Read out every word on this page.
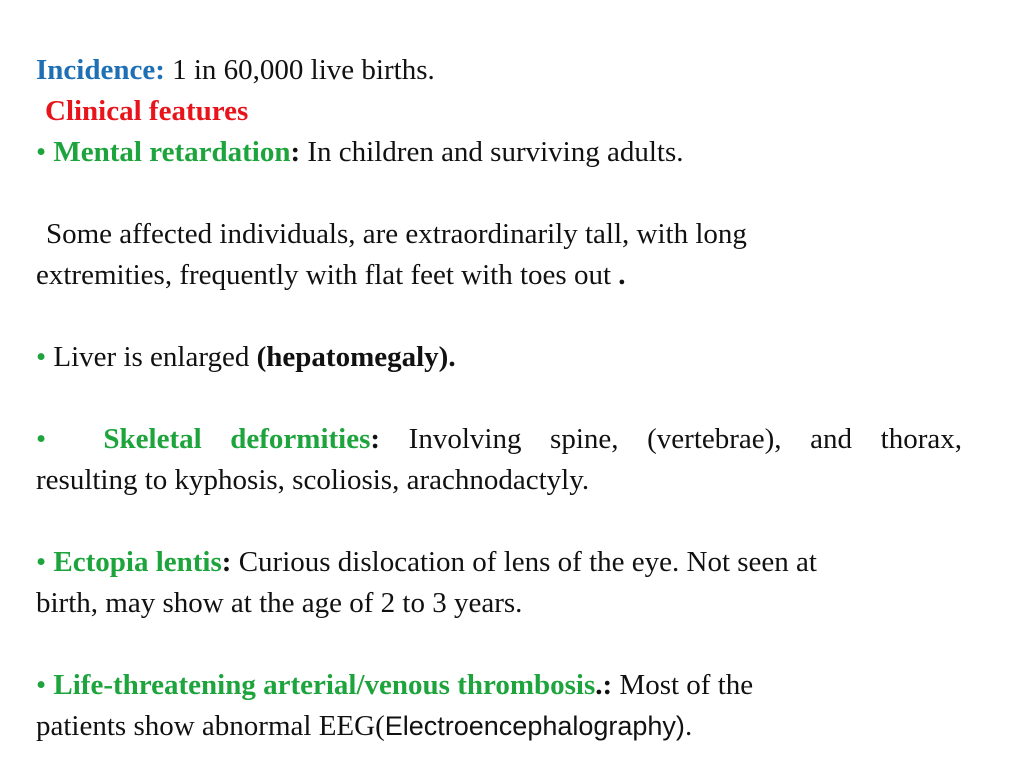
Incidence: 1 in 60,000 live births.
Clinical features
• Mental retardation: In children and surviving adults.
Some affected individuals, are extraordinarily tall, with long
extremities, frequently with flat feet with toes out .
• Liver is enlarged (hepatomegaly).
• Skeletal deformities: Involving spine, (vertebrae), and thorax,
resulting to kyphosis, scoliosis, arachnodactyly.
• Ectopia lentis: Curious dislocation of lens of the eye. Not seen at
birth, may show at the age of 2 to 3 years.
• Life-threatening arterial/venous thrombosis.: Most of the
patients show abnormal EEG(Electroencephalography).
